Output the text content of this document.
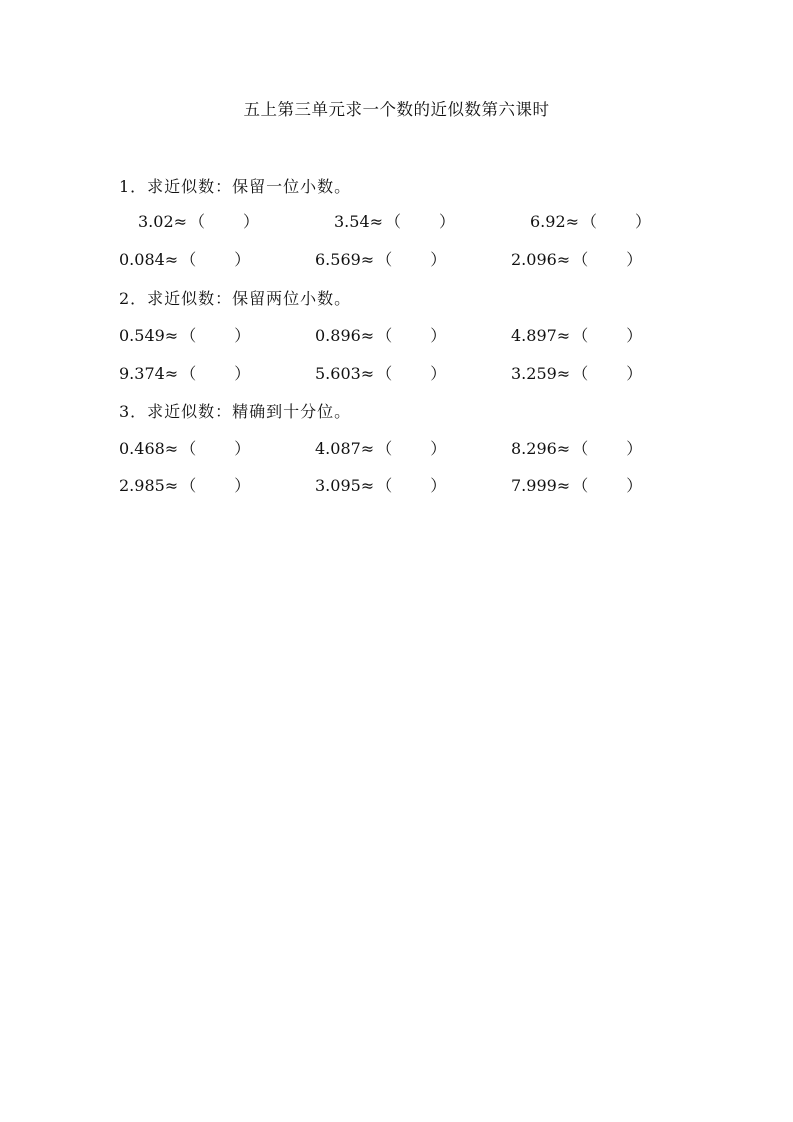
五上第三单元求一个数的近似数第六课时
1．求近似数：保留一位小数。
3.02≈ （ ）	3.54≈ （ ）	6.92≈ （ ）
0.084≈ （ ）	6.569≈ （ ）	2.096≈ （ ）
2．求近似数：保留两位小数。
0.549≈ （ ）	0.896≈ （ ）	4.897≈ （ ）
9.374≈ （ ）	5.603≈ （ ）	3.259≈ （ ）
3．求近似数：精确到十分位。
0.468≈ （ ）	4.087≈ （ ）	8.296≈ （ ）
2.985≈ （ ）	3.095≈ （ ）	7.999≈ （ ）
